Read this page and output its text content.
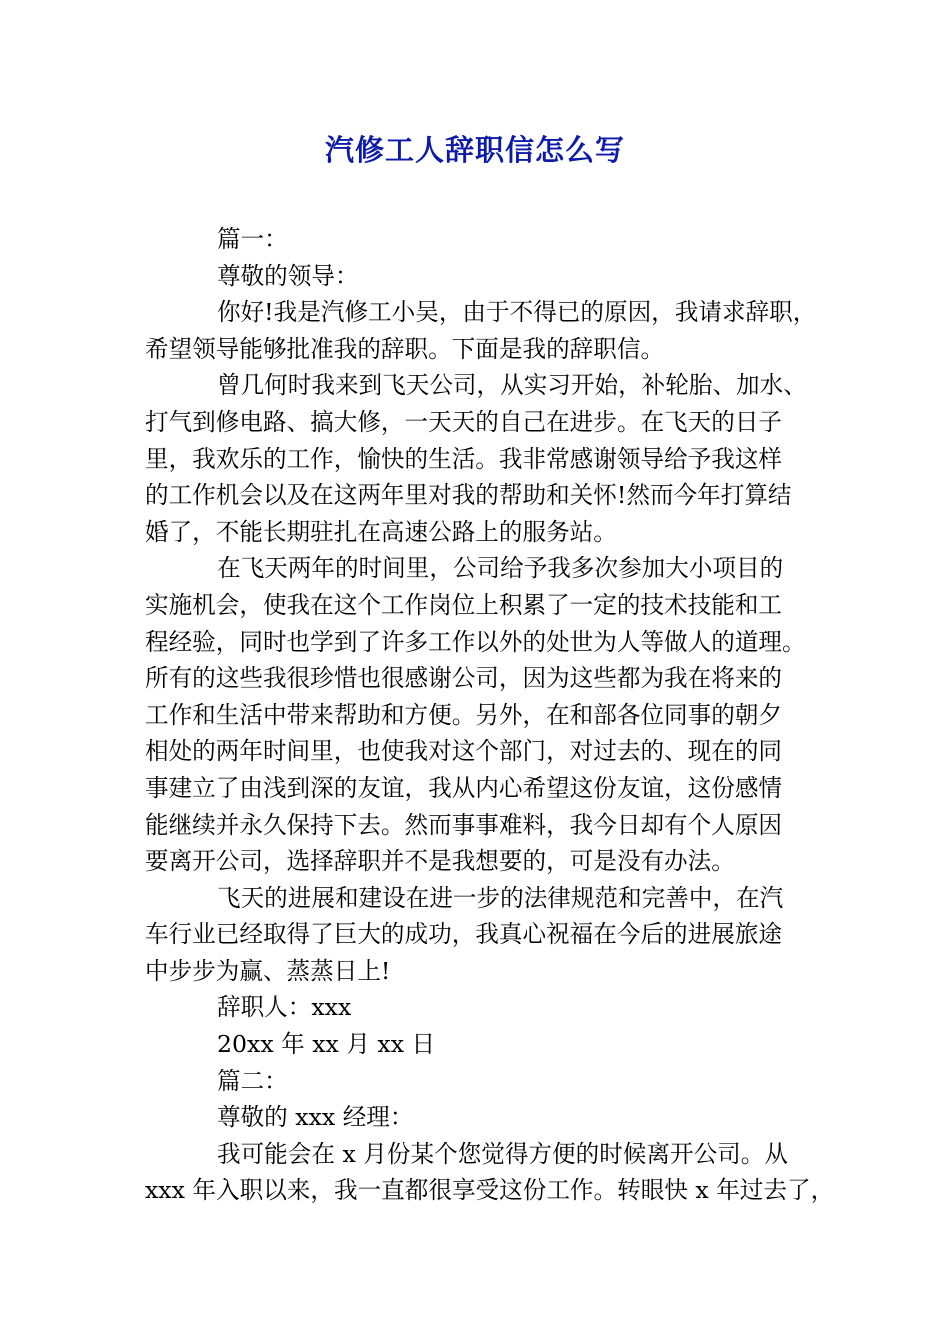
汽修工人辞职信怎么写
篇一：
尊敬的领导：
你好!我是汽修工小吴，由于不得已的原因，我请求辞职，
希望领导能够批准我的辞职。下面是我的辞职信。
曾几何时我来到飞天公司，从实习开始，补轮胎、加水、
打气到修电路、搞大修，一天天的自己在进步。在飞天的日子
里，我欢乐的工作，愉快的生活。我非常感谢领导给予我这样
的工作机会以及在这两年里对我的帮助和关怀!然而今年打算结
婚了，不能长期驻扎在高速公路上的服务站。
在飞天两年的时间里，公司给予我多次参加大小项目的
实施机会，使我在这个工作岗位上积累了一定的技术技能和工
程经验，同时也学到了许多工作以外的处世为人等做人的道理。
所有的这些我很珍惜也很感谢公司，因为这些都为我在将来的
工作和生活中带来帮助和方便。另外，在和部各位同事的朝夕
相处的两年时间里，也使我对这个部门，对过去的、现在的同
事建立了由浅到深的友谊，我从内心希望这份友谊，这份感情
能继续并永久保持下去。然而事事难料，我今日却有个人原因
要离开公司，选择辞职并不是我想要的，可是没有办法。
飞天的进展和建设在进一步的法律规范和完善中，在汽
车行业已经取得了巨大的成功，我真心祝福在今后的进展旅途
中步步为赢、蒸蒸日上!
辞职人：xxx
20xx 年 xx 月 xx 日
篇二：
尊敬的 xxx 经理：
我可能会在 x 月份某个您觉得方便的时候离开公司。从
xxx 年入职以来，我一直都很享受这份工作。转眼快 x 年过去了，
